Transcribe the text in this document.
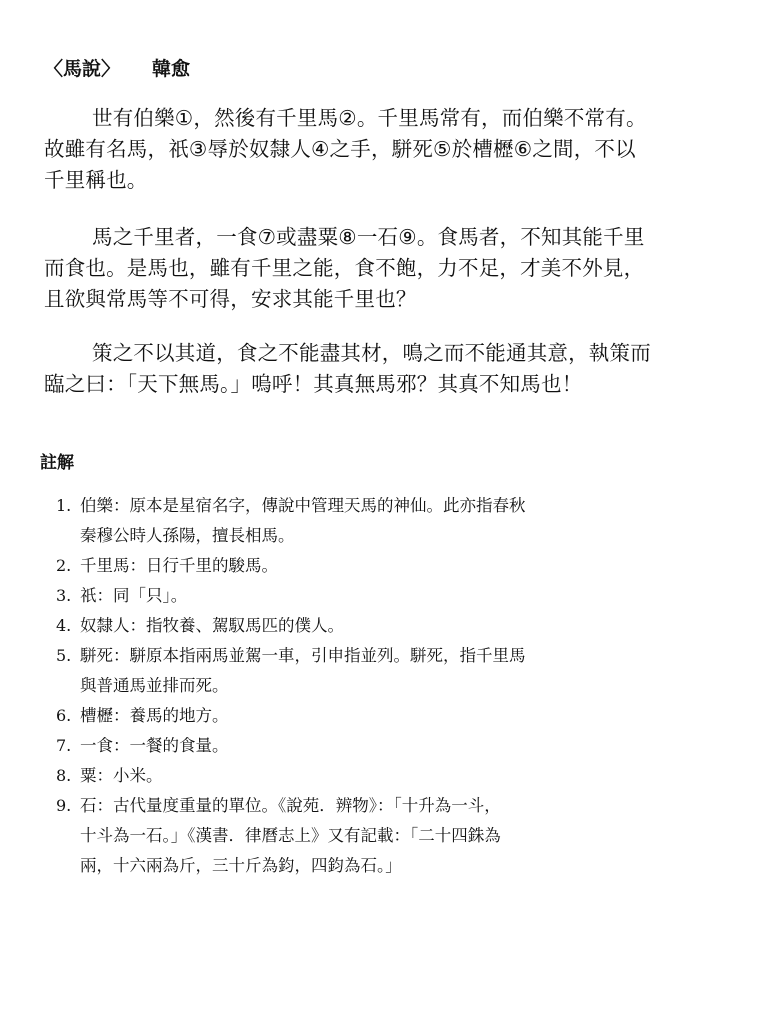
〈馬說〉 韓愈
世有伯樂①，然後有千里馬②。千里馬常有，而伯樂不常有。
故雖有名馬，祇③辱於奴隸人④之手，駢死⑤於槽櫪⑥之間，不以
千里稱也。
馬之千里者，一食⑦或盡粟⑧一石⑨。食馬者，不知其能千里
而食也。是馬也，雖有千里之能，食不飽，力不足，才美不外見，
且欲與常馬等不可得，安求其能千里也？
策之不以其道，食之不能盡其材，鳴之而不能通其意，執策而
臨之曰：「天下無馬。」嗚呼！其真無馬邪？其真不知馬也！
註解
1. 伯樂：原本是星宿名字，傳說中管理天馬的神仙。此亦指春秋
秦穆公時人孫陽，擅長相馬。
2. 千里馬：日行千里的駿馬。
3. 祇：同「只」。
4. 奴隸人：指牧養、駕馭馬匹的僕人。
5. 駢死：駢原本指兩馬並駕一車，引申指並列。駢死，指千里馬
與普通馬並排而死。
6. 槽櫪：養馬的地方。
7. 一食：一餐的食量。
8. 粟：小米。
9. 石：古代量度重量的單位。《說苑．辨物》：「十升為一斗，
十斗為一石。」《漢書．律曆志上》又有記載：「二十四銖為
兩，十六兩為斤，三十斤為鈞，四鈞為石。」
